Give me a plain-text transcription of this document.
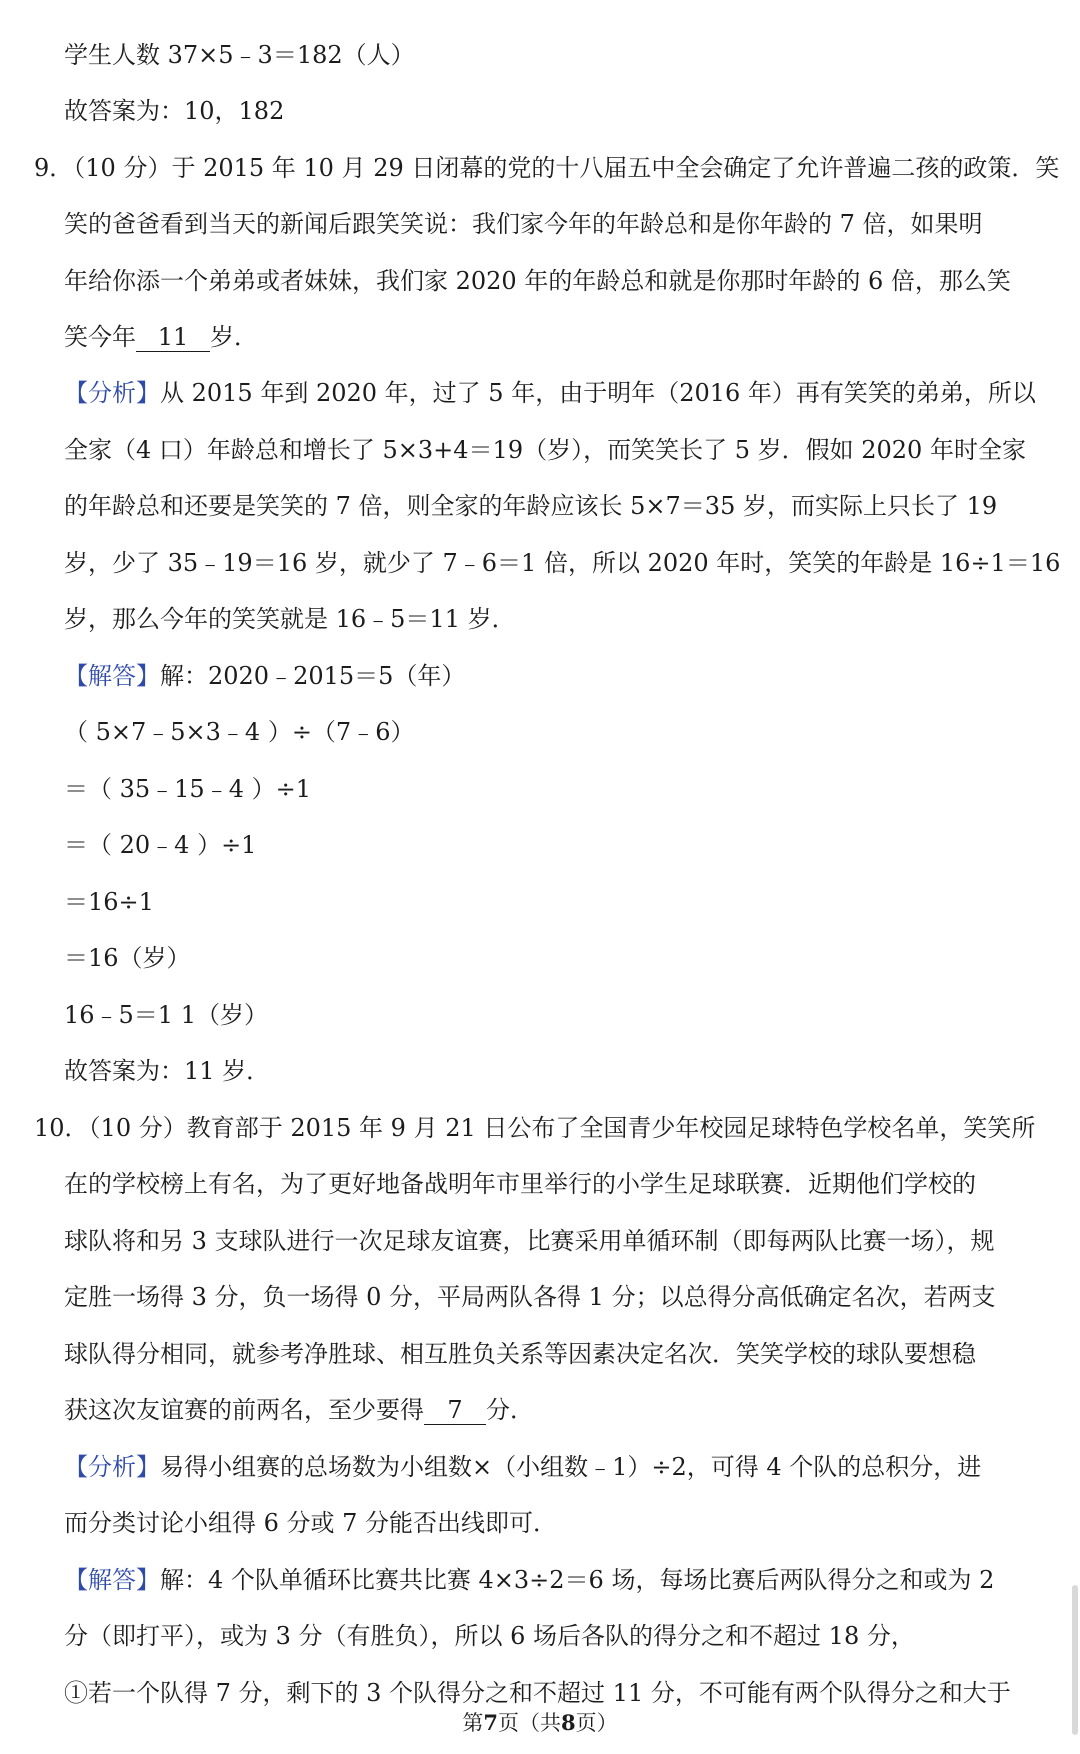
学生人数 37×5﹣3＝182（人）
故答案为：10，182
9．（10 分）于 2015 年 10 月 29 日闭幕的党的十八届五中全会确定了允许普遍二孩的政策．笑
笑的爸爸看到当天的新闻后跟笑笑说：我们家今年的年龄总和是你年龄的 7 倍，如果明
年给你添一个弟弟或者妹妹，我们家 2020 年的年龄总和就是你那时年龄的 6 倍，那么笑
笑今年 11 岁．
【分析】从 2015 年到 2020 年，过了 5 年，由于明年（2016 年）再有笑笑的弟弟，所以
全家（4 口）年龄总和增长了 5×3+4＝19（岁），而笑笑长了 5 岁．假如 2020 年时全家
的年龄总和还要是笑笑的 7 倍，则全家的年龄应该长 5×7＝35 岁，而实际上只长了 19
岁，少了 35﹣19＝16 岁，就少了 7﹣6＝1 倍，所以 2020 年时，笑笑的年龄是 16÷1＝16
岁，那么今年的笑笑就是 16﹣5＝11 岁．
【解答】解：2020﹣2015＝5（年）
（ 5×7﹣5×3﹣4 ）÷（7﹣6）
＝（ 35﹣15﹣4 ）÷1
＝（ 20﹣4 ）÷1
＝16÷1
＝16（岁）
16﹣5＝1 1（岁）
故答案为：11 岁．
10．（10 分）教育部于 2015 年 9 月 21 日公布了全国青少年校园足球特色学校名单，笑笑所
在的学校榜上有名，为了更好地备战明年市里举行的小学生足球联赛．近期他们学校的
球队将和另 3 支球队进行一次足球友谊赛，比赛采用单循环制（即每两队比赛一场），规
定胜一场得 3 分，负一场得 0 分，平局两队各得 1 分；以总得分高低确定名次，若两支
球队得分相同，就参考净胜球、相互胜负关系等因素决定名次．笑笑学校的球队要想稳
获这次友谊赛的前两名，至少要得 7 分．
【分析】易得小组赛的总场数为小组数×（小组数﹣1）÷2，可得 4 个队的总积分，进
而分类讨论小组得 6 分或 7 分能否出线即可．
【解答】解：4 个队单循环比赛共比赛 4×3÷2＝6 场，每场比赛后两队得分之和或为 2
分（即打平），或为 3 分（有胜负），所以 6 场后各队的得分之和不超过 18 分，
①若一个队得 7 分，剩下的 3 个队得分之和不超过 11 分，不可能有两个队得分之和大于
第7页（共8页）
